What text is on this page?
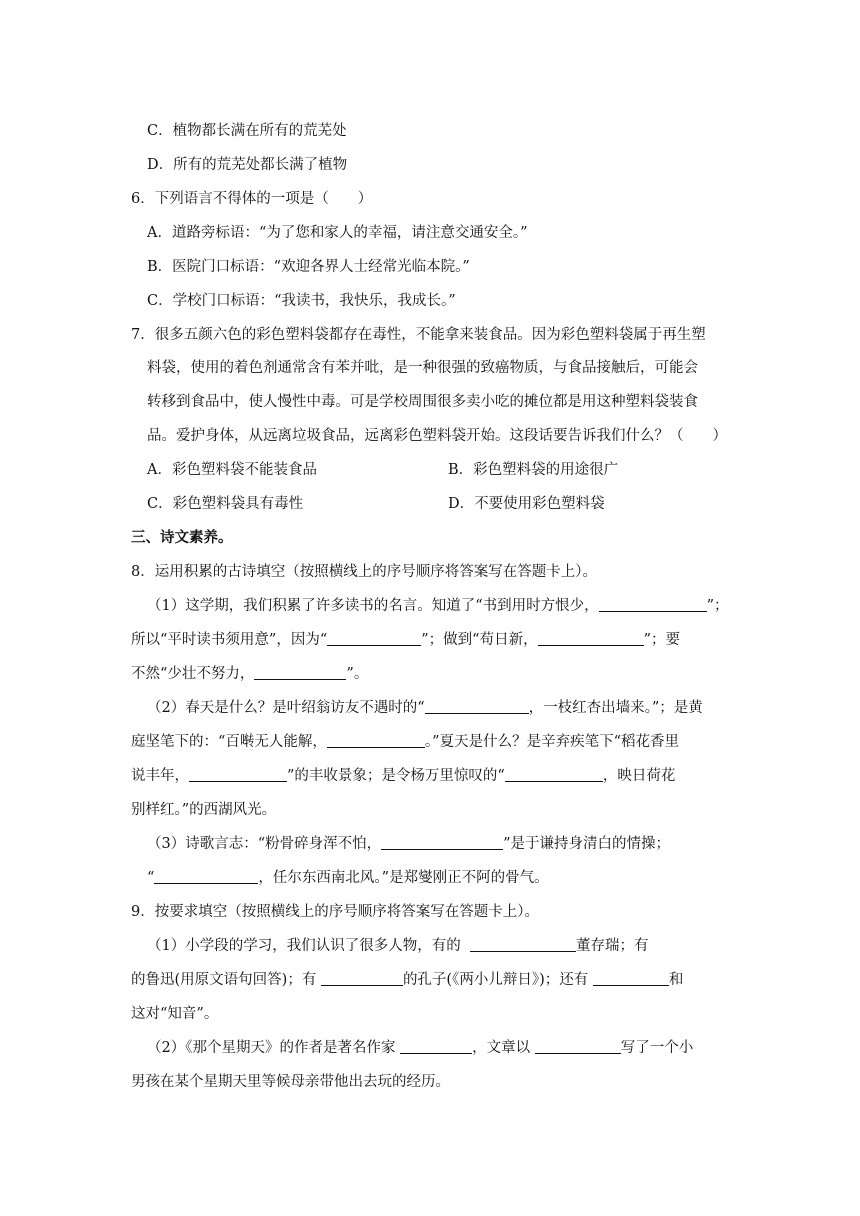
C．植物都长满在所有的荒芜处
D．所有的荒芜处都长满了植物
6．下列语言不得体的一项是（　　）
A．道路旁标语：“为了您和家人的幸福，请注意交通安全。”
B．医院门口标语：“欢迎各界人士经常光临本院。”
C．学校门口标语：“我读书，我快乐，我成长。”
7．很多五颜六色的彩色塑料袋都存在毒性，不能拿来装食品。因为彩色塑料袋属于再生塑
料袋，使用的着色剂通常含有苯并吡，是一种很强的致癌物质，与食品接触后，可能会
转移到食品中，使人慢性中毒。可是学校周围很多卖小吃的摊位都是用这种塑料袋装食
品。爱护身体，从远离垃圾食品，远离彩色塑料袋开始。这段话要告诉我们什么？（　　）
A．彩色塑料袋不能装食品	B．彩色塑料袋的用途很广
C．彩色塑料袋具有毒性	D．不要使用彩色塑料袋
三、诗文素养。
8．运用积累的古诗填空（按照横线上的序号顺序将答案写在答题卡上）。
（1）这学期，我们积累了许多读书的名言。知道了“书到用时方恨少，	”；
所以“平时读书须用意”，因为“	”；做到“苟日新，	”；要
不然“少壮不努力，	”。
（2）春天是什么？是叶绍翁访友不遇时的“	，一枝红杏出墙来。”；是黄
庭坚笔下的：“百啭无人能解，	。”夏天是什么？是辛弃疾笔下“稻花香里
说丰年，	”的丰收景象；是令杨万里惊叹的“	，映日荷花
别样红。”的西湖风光。
（3）诗歌言志：“粉骨碎身浑不怕，	”是于谦持身清白的情操；
“	，任尔东西南北风。”是郑燮刚正不阿的骨气。
9．按要求填空（按照横线上的序号顺序将答案写在答题卡上）。
（1）小学段的学习，我们认识了很多人物，有的	董存瑞；有
的鲁迅(用原文语句回答)；有	的孔子(《两小儿辩日》)；还有	和
这对“知音”。
（2）《那个星期天》的作者是著名作家	，文章以	写了一个小
男孩在某个星期天里等候母亲带他出去玩的经历。
